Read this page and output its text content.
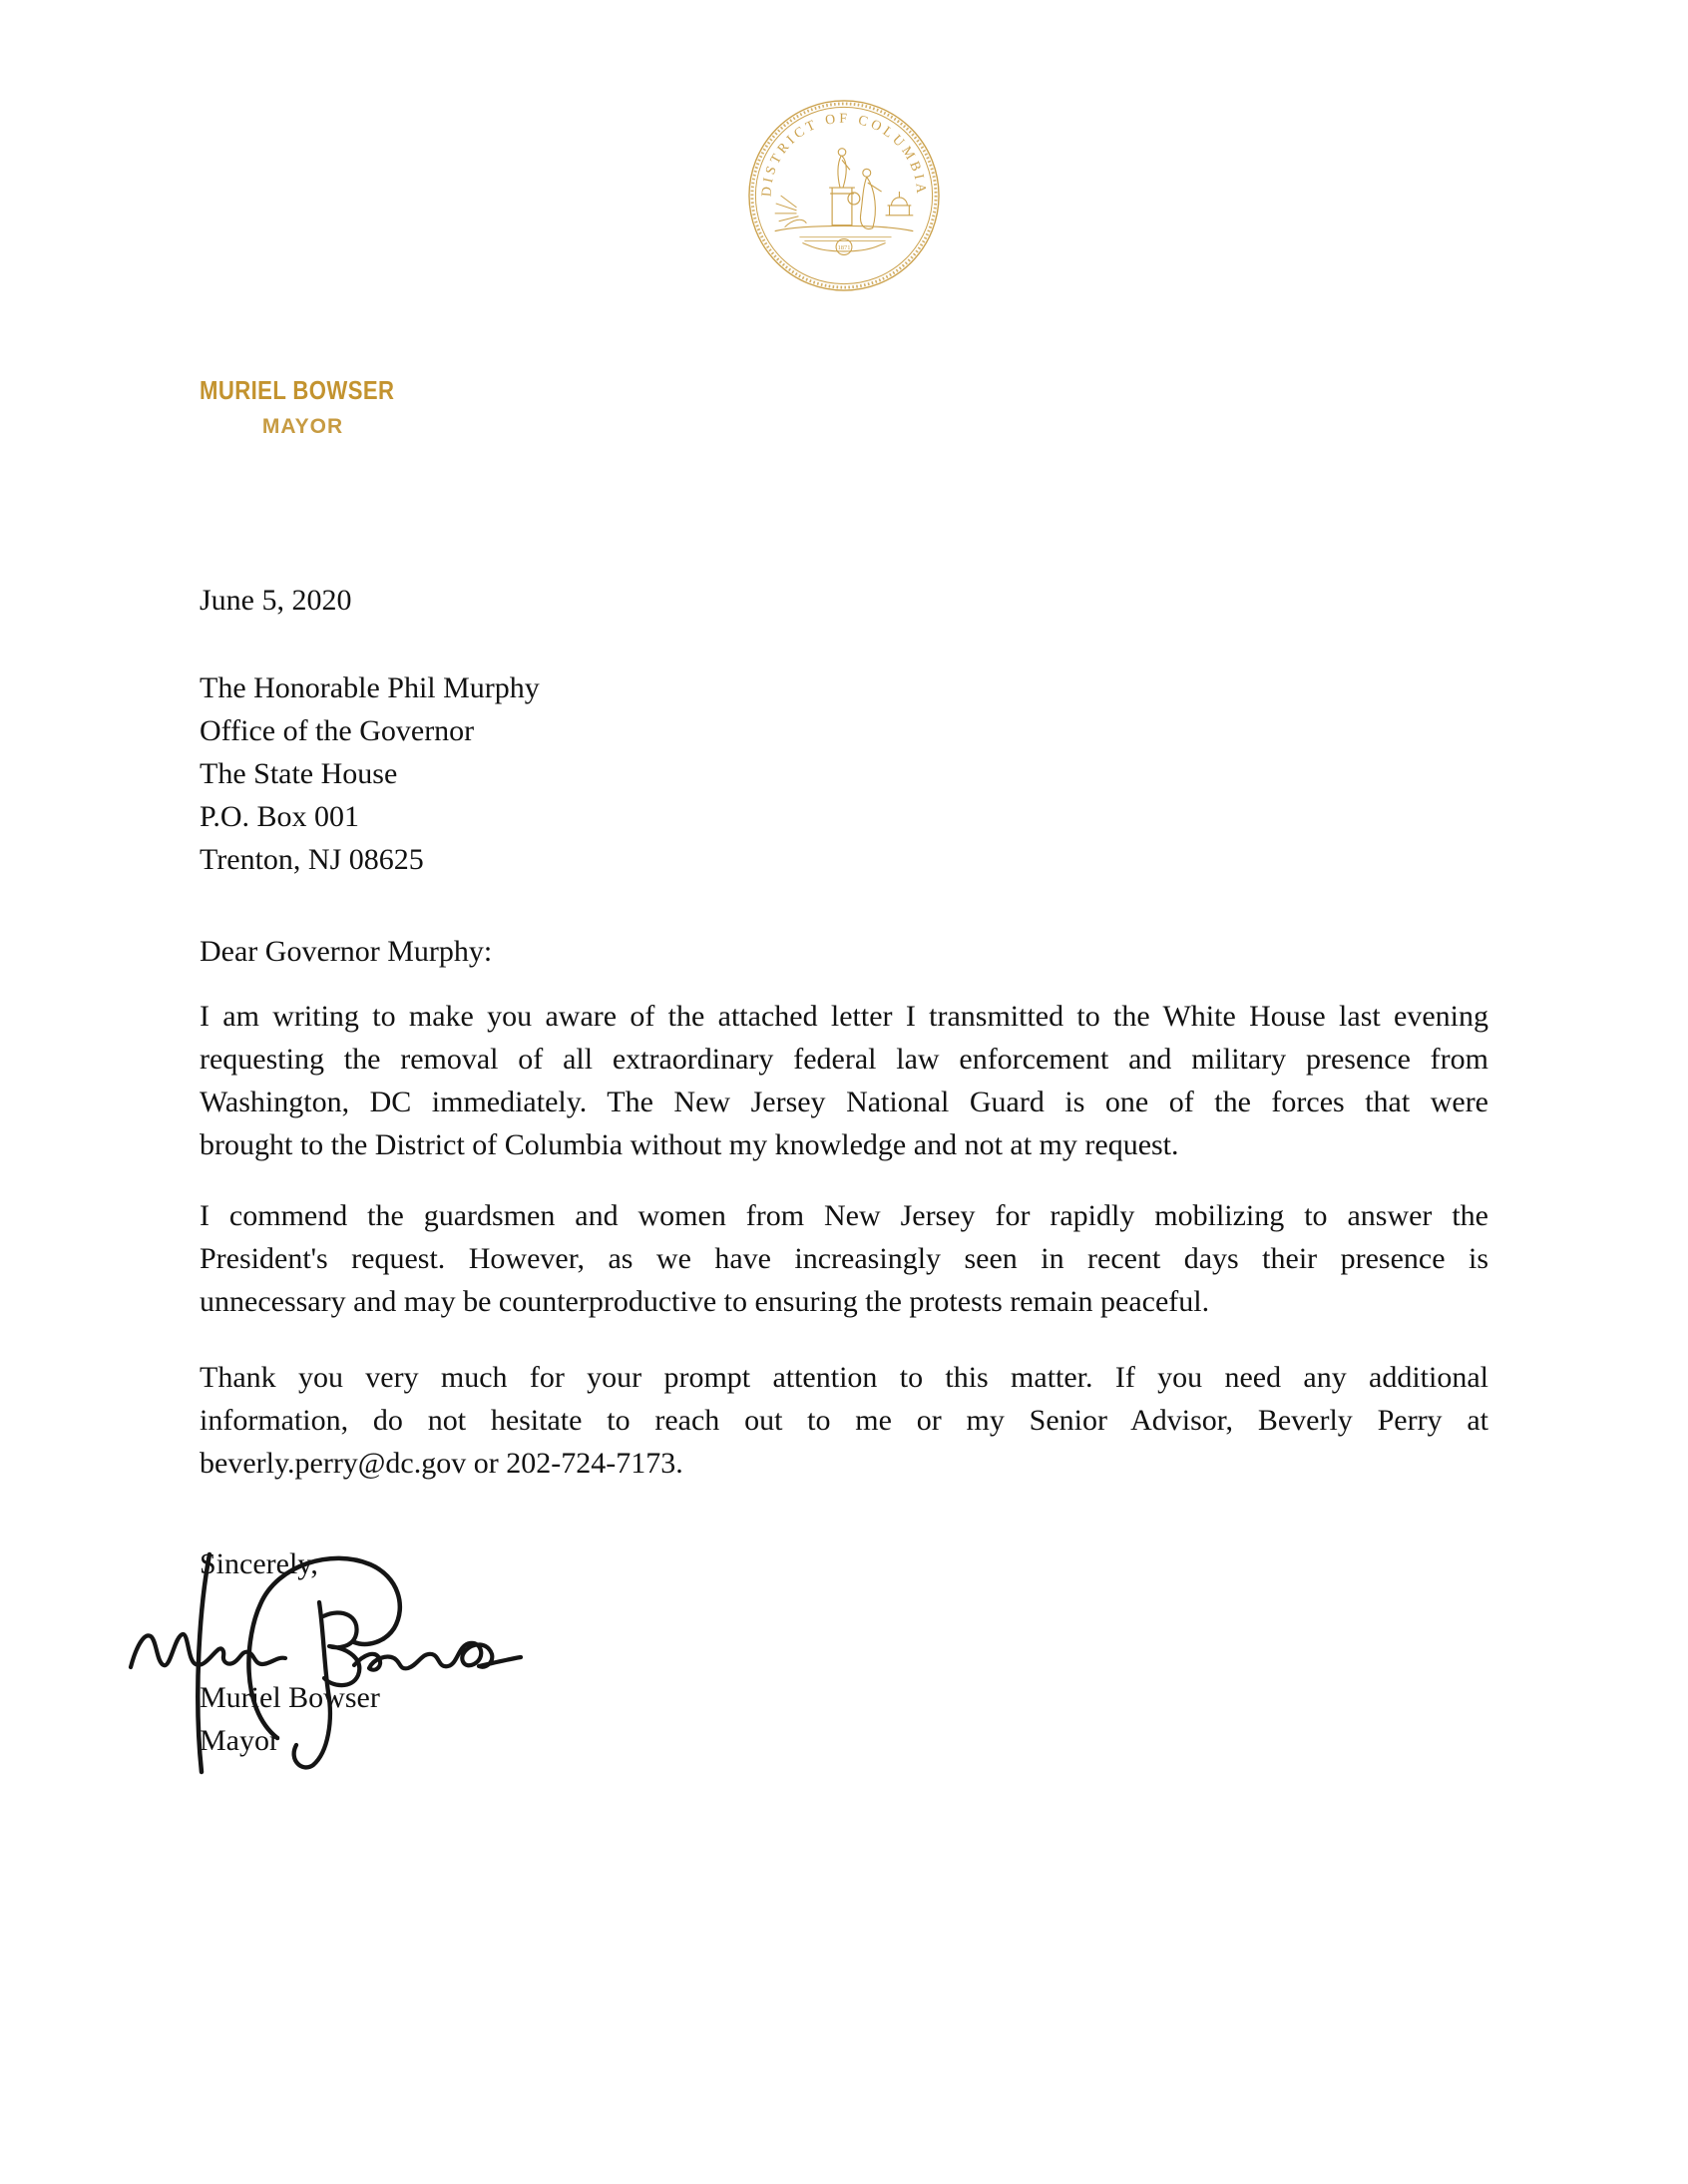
DISTRICT OF COLUMBIA
1871
MURIEL BOWSER
MAYOR
June 5, 2020
The Honorable Phil Murphy
Office of the Governor
The State House
P.O. Box 001
Trenton, NJ 08625
Dear Governor Murphy:
I am writing to make you aware of the attached letter I transmitted to the White House last evening
requesting the removal of all extraordinary federal law enforcement and military presence from
Washington, DC immediately. The New Jersey National Guard is one of the forces that were
brought to the District of Columbia without my knowledge and not at my request.
I commend the guardsmen and women from New Jersey for rapidly mobilizing to answer the
President's request. However, as we have increasingly seen in recent days their presence is
unnecessary and may be counterproductive to ensuring the protests remain peaceful.
Thank you very much for your prompt attention to this matter. If you need any additional
information, do not hesitate to reach out to me or my Senior Advisor, Beverly Perry at
beverly.perry@dc.gov or 202-724-7173.
Sincerely,
Muriel Bowser
Mayor
